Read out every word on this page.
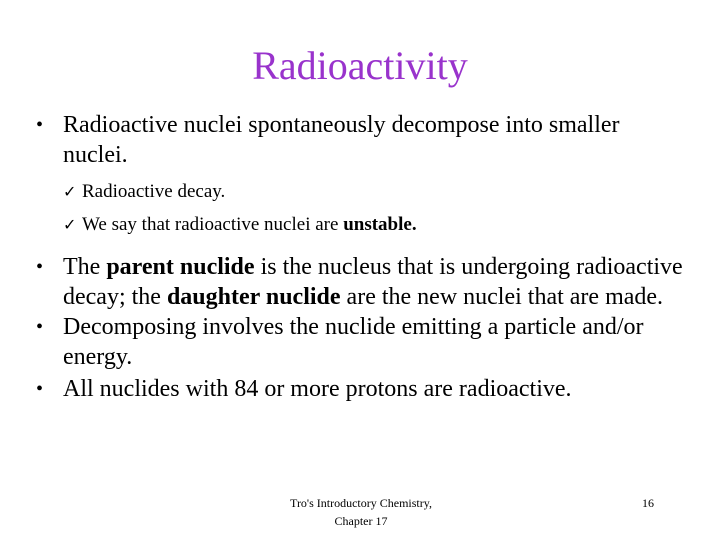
Radioactivity
• Radioactive nuclei spontaneously decompose into smaller nuclei.
✓ Radioactive decay.
✓ We say that radioactive nuclei are unstable.
• The parent nuclide is the nucleus that is undergoing radioactive decay; the daughter nuclide are the new nuclei that are made.
• Decomposing involves the nuclide emitting a particle and/or energy.
• All nuclides with 84 or more protons are radioactive.
Tro's Introductory Chemistry,
Chapter 17
16
